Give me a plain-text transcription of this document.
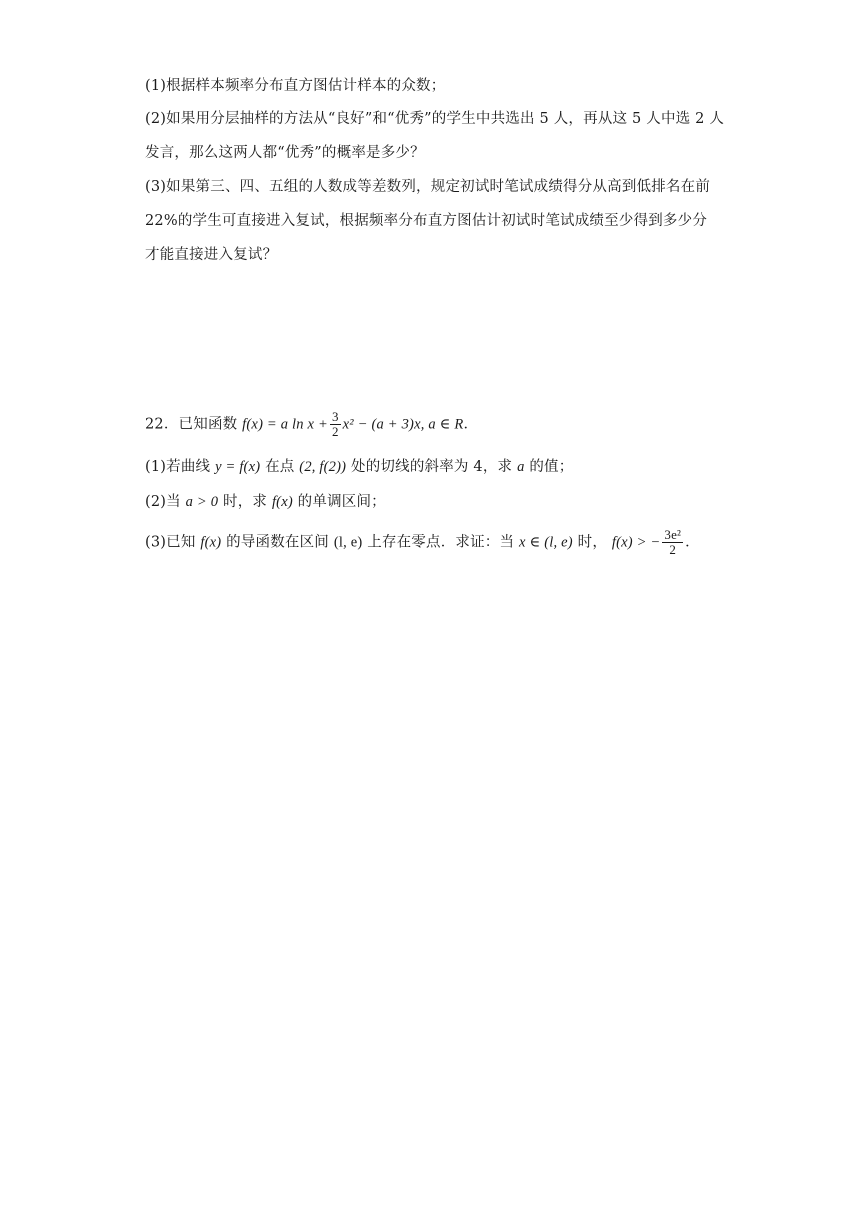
(1)根据样本频率分布直方图估计样本的众数；
(2)如果用分层抽样的方法从“良好”和“优秀”的学生中共选出 5 人，再从这 5 人中选 2 人
发言，那么这两人都“优秀”的概率是多少？
(3)如果第三、四、五组的人数成等差数列，规定初试时笔试成绩得分从高到低排名在前
22%的学生可直接进入复试，根据频率分布直方图估计初试时笔试成绩至少得到多少分
才能直接进入复试？
22．已知函数 f(x) = a $\ln x + \frac{3}{2} x^2 - (a + 3)x$, a ∈ R．
(1)若曲线 y = f(x) 在点 (2, f(2)) 处的切线的斜率为 4，求 a 的值；
(2)当 a > 0 时，求 f(x) 的单调区间；
(3)已知 f(x) 的导函数在区间 (l, e) 上存在零点．求证：当 x ∈ (l, e) 时， f(x) > − $\frac{\text{3e²}}{2}$ ．
